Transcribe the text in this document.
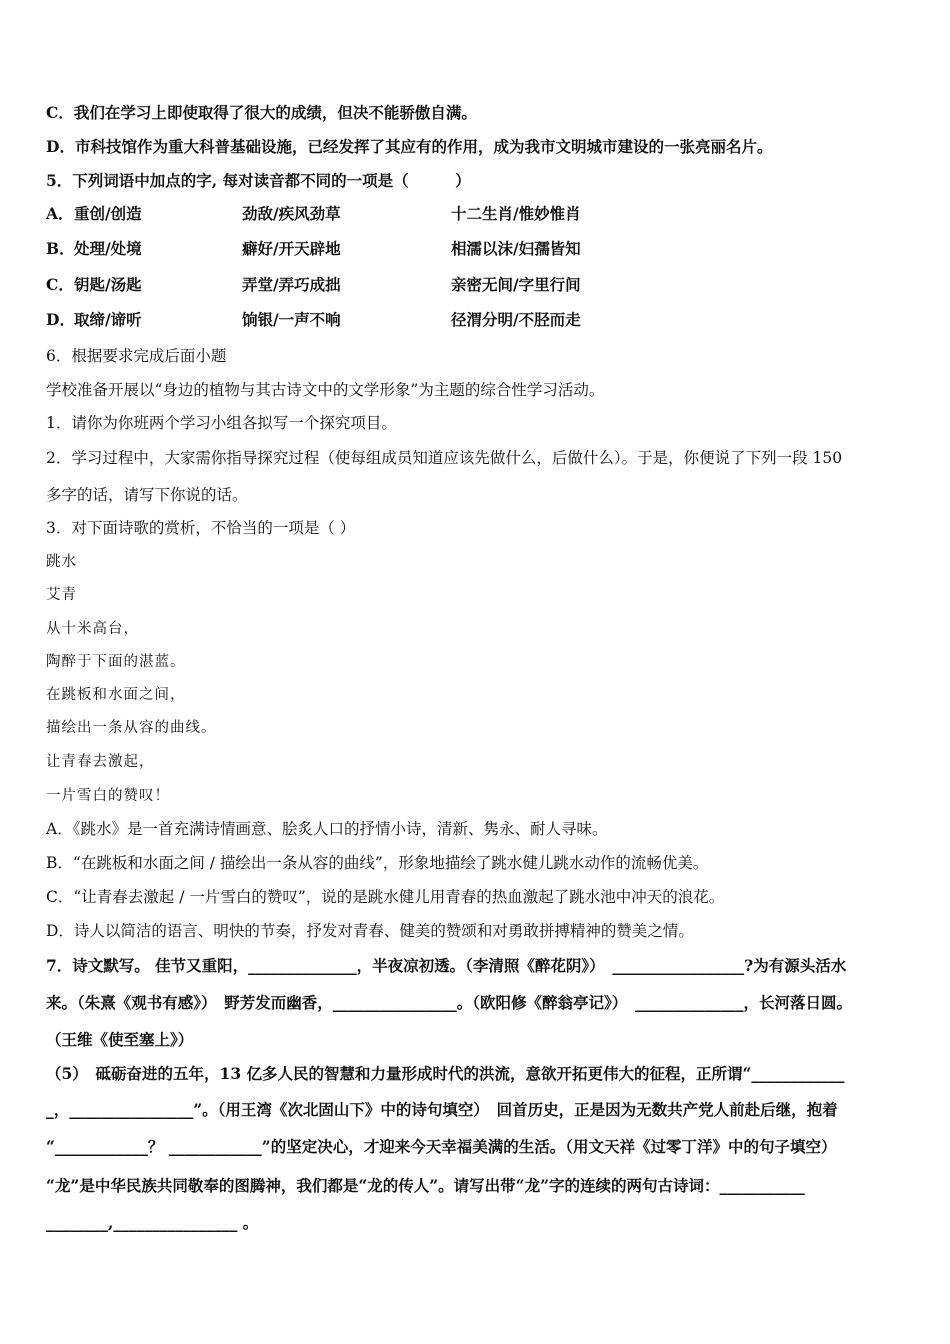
C．我们在学习上即使取得了很大的成绩，但决不能骄傲自满。
D．市科技馆作为重大科普基础设施，已经发挥了其应有的作用，成为我市文明城市建设的一张亮丽名片。
5．下列词语中加点的字, 每对读音都不同的一项是（　　　）
A． 重创/创造	劲敌/疾风劲草	十二生肖/惟妙惟肖
B． 处理/处境	癖好/开天辟地	相濡以沫/妇孺皆知
C． 钥匙/汤匙	弄堂/弄巧成拙	亲密无间/字里行间
D． 取缔/谛听	饷银/一声不响	径渭分明/不胫而走
6．根据要求完成后面小题
学校准备开展以“身边的植物与其古诗文中的文学形象”为主题的综合性学习活动。
1．请你为你班两个学习小组各拟写一个探究项目。
2．学习过程中，大家需你指导探究过程（使每组成员知道应该先做什么，后做什么）。于是，你便说了下列一段 150
多字的话，请写下你说的话。
3．对下面诗歌的赏析，不恰当的一项是（ ）
跳水
艾青
从十米高台，
陶醉于下面的湛蓝。
在跳板和水面之间，
描绘出一条从容的曲线。
让青春去激起，
一片雪白的赞叹！
A．《跳水》是一首充满诗情画意、脍炙人口的抒情小诗，清新、隽永、耐人寻味。
B．“在跳板和水面之间 / 描绘出一条从容的曲线”，形象地描绘了跳水健儿跳水动作的流畅优美。
C．“让青春去激起 / 一片雪白的赞叹”，说的是跳水健儿用青春的热血激起了跳水池中冲天的浪花。
D．诗人以简洁的语言、明快的节奏，抒发对青春、健美的赞颂和对勇敢拼搏精神的赞美之情。
7．诗文默写。 佳节又重阳，______________，半夜凉初透。（李清照《醉花阴》）　_________________?为有源头活水
来。（朱熹《观书有感》）　野芳发而幽香，________________。（欧阳修《醉翁亭记》）　______________，长河落日圆。
（王维《使至塞上》）
（5）　砥砺奋进的五年，13 亿多人民的智慧和力量形成时代的洪流，意欲开拓更伟大的征程，正所谓“____________
_，________________”。（用王湾《次北固山下》中的诗句填空）　回首历史，正是因为无数共产党人前赴后继，抱着
“____________？ ____________”的坚定决心，才迎来今天幸福美满的生活。（用文天祥《过零丁洋》中的句子填空）
“龙”是中华民族共同敬奉的图腾神，我们都是“龙的传人”。请写出带“龙”字的连续的两句古诗词：___________
________,________________ 。
